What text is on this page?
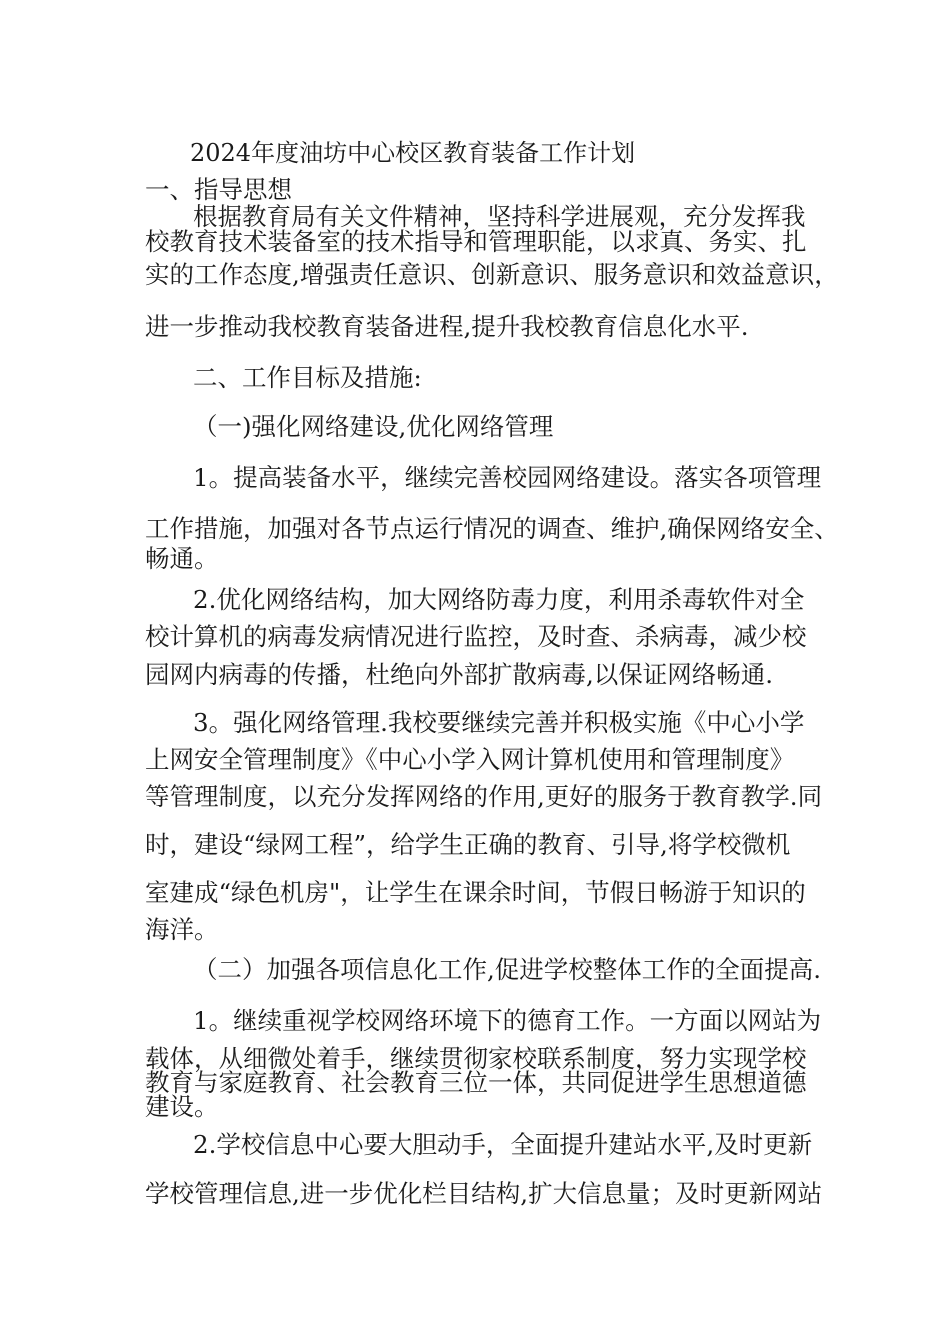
2024年度油坊中心校区教育装备工作计划
一、指导思想
根据教育局有关文件精神，坚持科学进展观，充分发挥我
校教育技术装备室的技术指导和管理职能，以求真、务实、扎
实的工作态度,增强责任意识、创新意识、服务意识和效益意识，
进一步推动我校教育装备进程,提升我校教育信息化水平.
二、工作目标及措施:
（一)强化网络建设,优化网络管理
1。提高装备水平，继续完善校园网络建设。落实各项管理
工作措施，加强对各节点运行情况的调查、维护,确保网络安全、
畅通。
2.优化网络结构，加大网络防毒力度，利用杀毒软件对全
校计算机的病毒发病情况进行监控，及时查、杀病毒，减少校
园网内病毒的传播，杜绝向外部扩散病毒,以保证网络畅通.
3。强化网络管理.我校要继续完善并积极实施《中心小学
上网安全管理制度》《中心小学入网计算机使用和管理制度》
等管理制度，以充分发挥网络的作用,更好的服务于教育教学.同
时，建设“绿网工程”，给学生正确的教育、引导,将学校微机
室建成“绿色机房"，让学生在课余时间，节假日畅游于知识的
海洋。
（二）加强各项信息化工作,促进学校整体工作的全面提高.
1。继续重视学校网络环境下的德育工作。一方面以网站为
载体，从细微处着手，继续贯彻家校联系制度，努力实现学校
教育与家庭教育、社会教育三位一体，共同促进学生思想道德
建设。
2.学校信息中心要大胆动手，全面提升建站水平,及时更新
学校管理信息,进一步优化栏目结构,扩大信息量；及时更新网站
